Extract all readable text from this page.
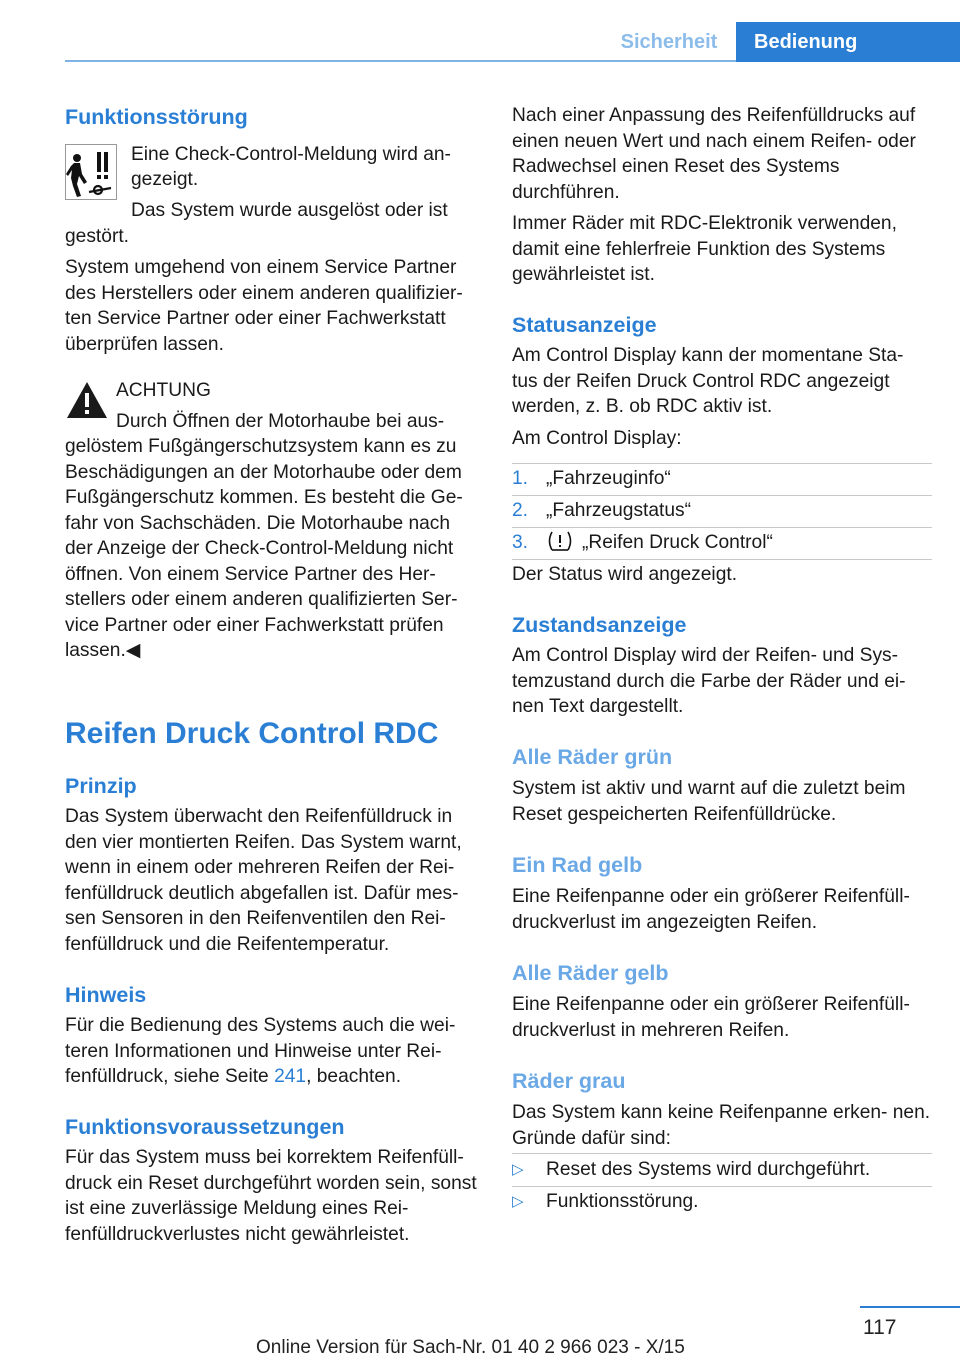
Sicherheit	Bedienung
Funktionsstörung

Eine Check-Control-Meldung wird an‐

gezeigt.

Das System wurde ausgelöst oder ist

gestört.

System umgehend von einem Service Partner des Herstellers oder einem anderen qualifizier‐ ten Service Partner oder einer Fachwerkstatt überprüfen lassen.

ACHTUNG

Durch Öffnen der Motorhaube bei aus‐

gelöstem Fußgängerschutzsystem kann es zu Beschädigungen an der Motorhaube oder dem Fußgängerschutz kommen. Es besteht die Ge‐ fahr von Sachschäden. Die Motorhaube nach der Anzeige der Check-Control-Meldung nicht öffnen. Von einem Service Partner des Her‐ stellers oder einem anderen qualifizierten Ser‐ vice Partner oder einer Fachwerkstatt prüfen lassen.◀

Reifen Druck Control RDC
Prinzip

Das System überwacht den Reifenfülldruck in den vier montierten Reifen. Das System warnt, wenn in einem oder mehreren Reifen der Rei‐ fenfülldruck deutlich abgefallen ist. Dafür mes‐ sen Sensoren in den Reifenventilen den Rei‐ fenfülldruck und die Reifentemperatur.

Hinweis

Für die Bedienung des Systems auch die wei‐ teren Informationen und Hinweise unter Rei‐ fenfülldruck, siehe Seite 241, beachten.

Funktionsvoraussetzungen

Für das System muss bei korrektem Reifenfüll‐ druck ein Reset durchgeführt worden sein, sonst ist eine zuverlässige Meldung eines Rei‐ fenfülldruckverlustes nicht gewährleistet.

Nach einer Anpassung des Reifenfülldrucks auf einen neuen Wert und nach einem Reifen- oder Radwechsel einen Reset des Systems durchführen.

Immer Räder mit RDC-Elektronik verwenden, damit eine fehlerfreie Funktion des Systems gewährleistet ist.

Statusanzeige

Am Control Display kann der momentane Sta‐ tus der Reifen Druck Control RDC angezeigt werden, z. B. ob RDC aktiv ist.

Am Control Display:

1. „Fahrzeuginfo“
2. „Fahrzeugstatus“
3.	„Reifen Druck Control“

Der Status wird angezeigt.

Zustandsanzeige

Am Control Display wird der Reifen- und Sys‐ temzustand durch die Farbe der Räder und ei‐ nen Text dargestellt.

Alle Räder grün

System ist aktiv und warnt auf die zuletzt beim Reset gespeicherten Reifenfülldrücke.

Ein Rad gelb

Eine Reifenpanne oder ein größerer Reifenfüll‐ druckverlust im angezeigten Reifen.

Alle Räder gelb

Eine Reifenpanne oder ein größerer Reifenfüll‐ druckverlust in mehreren Reifen.

Räder grau

Das System kann keine Reifenpanne erken‐ nen. Gründe dafür sind:

▷	Reset des Systems wird durchgeführt.
▷	Funktionsstörung.
117
Online Version für Sach-Nr. 01 40 2 966 023 - X/15
